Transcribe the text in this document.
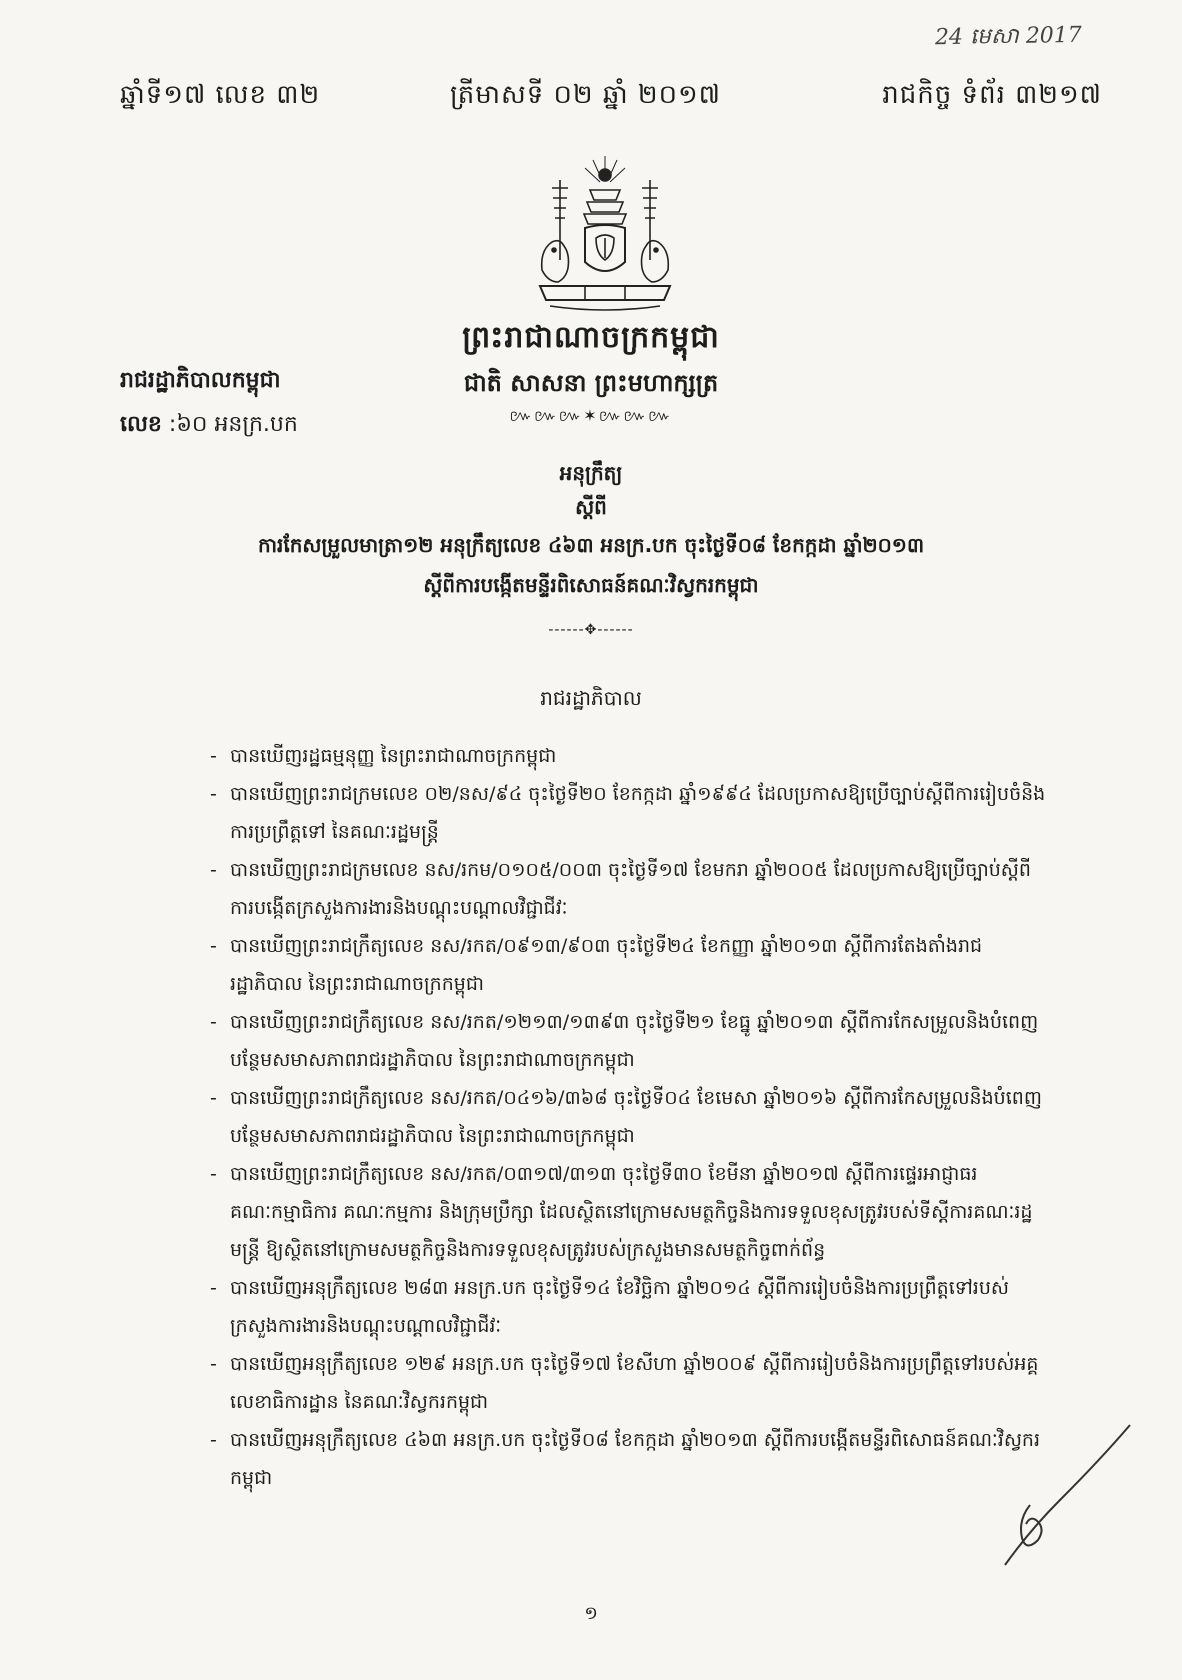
24 មេសា 2017
ឆ្នាំទី១៧ លេខ ៣២	ត្រីមាសទី ០២ ឆ្នាំ ២០១៧	រាជកិច្ច ទំព័រ ៣២១៧
ព្រះរាជាណាចក្រកម្ពុជា
ជាតិ សាសនា ព្រះមហាក្សត្រ
៚៚៚✶៚៚៚
រាជរដ្ឋាភិបាលកម្ពុជា
លេខ :៦០ អនក្រ.បក
អនុក្រឹត្យ
ស្តីពី
ការកែសម្រួលមាត្រា១២ អនុក្រឹត្យលេខ ៤៦៣ អនក្រ.បក ចុះថ្ងៃទី០៨ ខែកក្កដា ឆ្នាំ២០១៣
ស្តីពីការបង្កើតមន្ទីរពិសោធន៍គណៈវិស្វករកម្ពុជា
------✥------
រាជរដ្ឋាភិបាល
- បានឃើញរដ្ឋធម្មនុញ្ញ នៃព្រះរាជាណាចក្រកម្ពុជា
- បានឃើញព្រះរាជក្រមលេខ ០២/នស/៩៤ ចុះថ្ងៃទី២០ ខែកក្កដា ឆ្នាំ១៩៩៤ ដែលប្រកាសឱ្យប្រើច្បាប់ស្តីពីការរៀបចំនិងការប្រព្រឹត្តទៅ នៃគណៈរដ្ឋមន្ត្រី
- បានឃើញព្រះរាជក្រមលេខ នស/រកម/០១០៥/០០៣ ចុះថ្ងៃទី១៧ ខែមករា ឆ្នាំ២០០៥ ដែលប្រកាសឱ្យប្រើច្បាប់ស្តីពីការបង្កើតក្រសួងការងារនិងបណ្តុះបណ្តាលវិជ្ជាជីវៈ
- បានឃើញព្រះរាជក្រឹត្យលេខ នស/រកត/០៩១៣/៩០៣ ចុះថ្ងៃទី២៤ ខែកញ្ញា ឆ្នាំ២០១៣ ស្តីពីការតែងតាំងរាជរដ្ឋាភិបាល នៃព្រះរាជាណាចក្រកម្ពុជា
- បានឃើញព្រះរាជក្រឹត្យលេខ នស/រកត/១២១៣/១៣៩៣ ចុះថ្ងៃទី២១ ខែធ្នូ ឆ្នាំ២០១៣ ស្តីពីការកែសម្រួលនិងបំពេញបន្ថែមសមាសភាពរាជរដ្ឋាភិបាល នៃព្រះរាជាណាចក្រកម្ពុជា
- បានឃើញព្រះរាជក្រឹត្យលេខ នស/រកត/០៤១៦/៣៦៨ ចុះថ្ងៃទី០៤ ខែមេសា ឆ្នាំ២០១៦ ស្តីពីការកែសម្រួលនិងបំពេញបន្ថែមសមាសភាពរាជរដ្ឋាភិបាល នៃព្រះរាជាណាចក្រកម្ពុជា
- បានឃើញព្រះរាជក្រឹត្យលេខ នស/រកត/០៣១៧/៣១៣ ចុះថ្ងៃទី៣០ ខែមីនា ឆ្នាំ២០១៧ ស្តីពីការផ្ទេរអាជ្ញាធរ គណៈកម្មាធិការ គណៈកម្មការ និងក្រុមប្រឹក្សា ដែលស្ថិតនៅក្រោមសមត្ថកិច្ចនិងការទទួលខុសត្រូវរបស់ទីស្តីការគណៈរដ្ឋមន្ត្រី ឱ្យស្ថិតនៅក្រោមសមត្ថកិច្ចនិងការទទួលខុសត្រូវរបស់ក្រសួងមានសមត្ថកិច្ចពាក់ព័ន្ធ
- បានឃើញអនុក្រឹត្យលេខ ២៨៣ អនក្រ.បក ចុះថ្ងៃទី១៤ ខែវិច្ឆិកា ឆ្នាំ២០១៤ ស្តីពីការរៀបចំនិងការប្រព្រឹត្តទៅរបស់ក្រសួងការងារនិងបណ្តុះបណ្តាលវិជ្ជាជីវៈ
- បានឃើញអនុក្រឹត្យលេខ ១២៩ អនក្រ.បក ចុះថ្ងៃទី១៧ ខែសីហា ឆ្នាំ២០០៩ ស្តីពីការរៀបចំនិងការប្រព្រឹត្តទៅរបស់អគ្គលេខាធិការដ្ឋាន នៃគណៈវិស្វករកម្ពុជា
- បានឃើញអនុក្រឹត្យលេខ ៤៦៣ អនក្រ.បក ចុះថ្ងៃទី០៨ ខែកក្កដា ឆ្នាំ២០១៣ ស្តីពីការបង្កើតមន្ទីរពិសោធន៍គណៈវិស្វករកម្ពុជា
១
